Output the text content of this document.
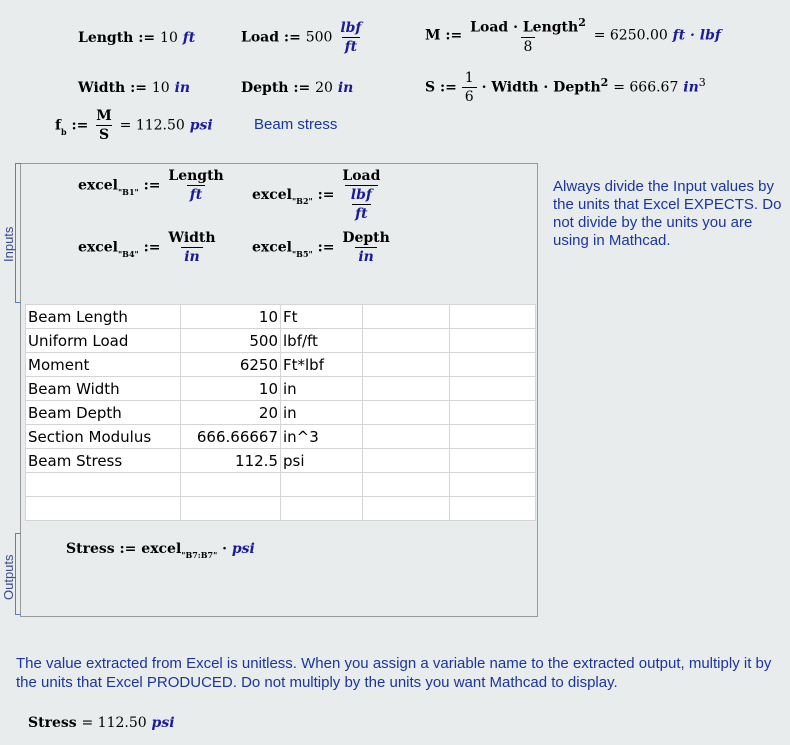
Length := 10 ft	Load := $500 \frac{\text{lbf}}{ft}$	M := $\frac{Load \cdot Length^2}{8} = 6250.00$ ft · lbf
Width := 10 in	Depth := 20 in	S := $\frac{1}{6}$ · Width · Depth$^2$ = 666.67 $in^3$
$f_b$ := $\frac{M}{S} = 112.50$ psi	Beam stress
Inputs
excel$_{"B1"}$ := $\frac{\text{Length}}{ft}$ excel$_{"B2"}$ := $\frac{\text{Load}}{\frac{\text{lbf}}{ft}}$
excel$_{"B4"}$ := $\frac{\text{Width}}{in}$ excel$_{"B5"}$ := $\frac{\text{Depth}}{in}$
Always divide the Input values by the units that Excel EXPECTS. Do not divide by the units you are using in Mathcad.
Beam Length	10	Ft		
Uniform Load	500	lbf/ft		
Moment	6250	Ft*lbf		
Beam Width	10	in		
Beam Depth	20	in		
Section Modulus	666.66667	in^3		
Beam Stress	112.5	psi		

Outputs
Stress := excel$_{"B7:B7"}$ · psi
The value extracted from Excel is unitless. When you assign a variable name to the extracted output, multiply it by the units that Excel PRODUCED. Do not multiply by the units you want Mathcad to display.
Stress = 112.50 psi
